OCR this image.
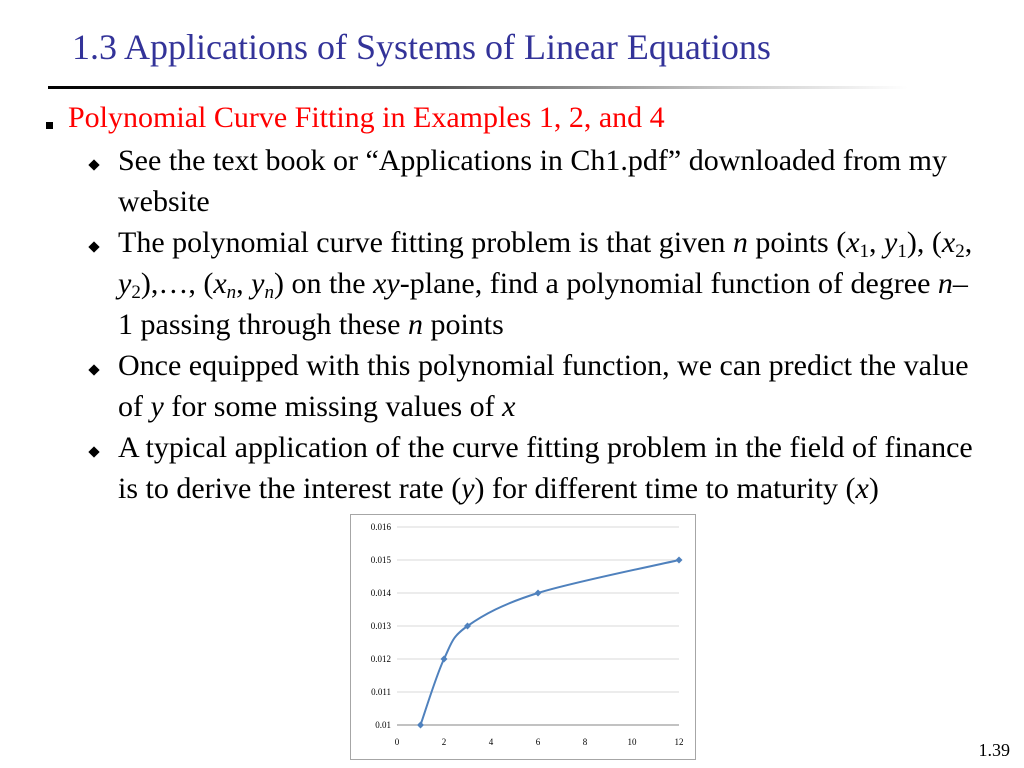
1.3 Applications of Systems of Linear Equations
Polynomial Curve Fitting in Examples 1, 2, and 4
See the text book or “Applications in Ch1.pdf” downloaded from my website
The polynomial curve fitting problem is that given n points ($x_1$, $y_1$), ($x_2$, $y_2),\dots$, ($x_n$, $y_n$) on the xy-plane, find a polynomial function of degree n–1 passing through these n points
Once equipped with this polynomial function, we can predict the value of y for some missing values of x
A typical application of the curve fitting problem in the field of finance is to derive the interest rate (y) for different time to maturity (x)
0.01
0.011
0.012
0.013
0.014
0.015
0.016
0	2	4	6	8	10	12	1.39
